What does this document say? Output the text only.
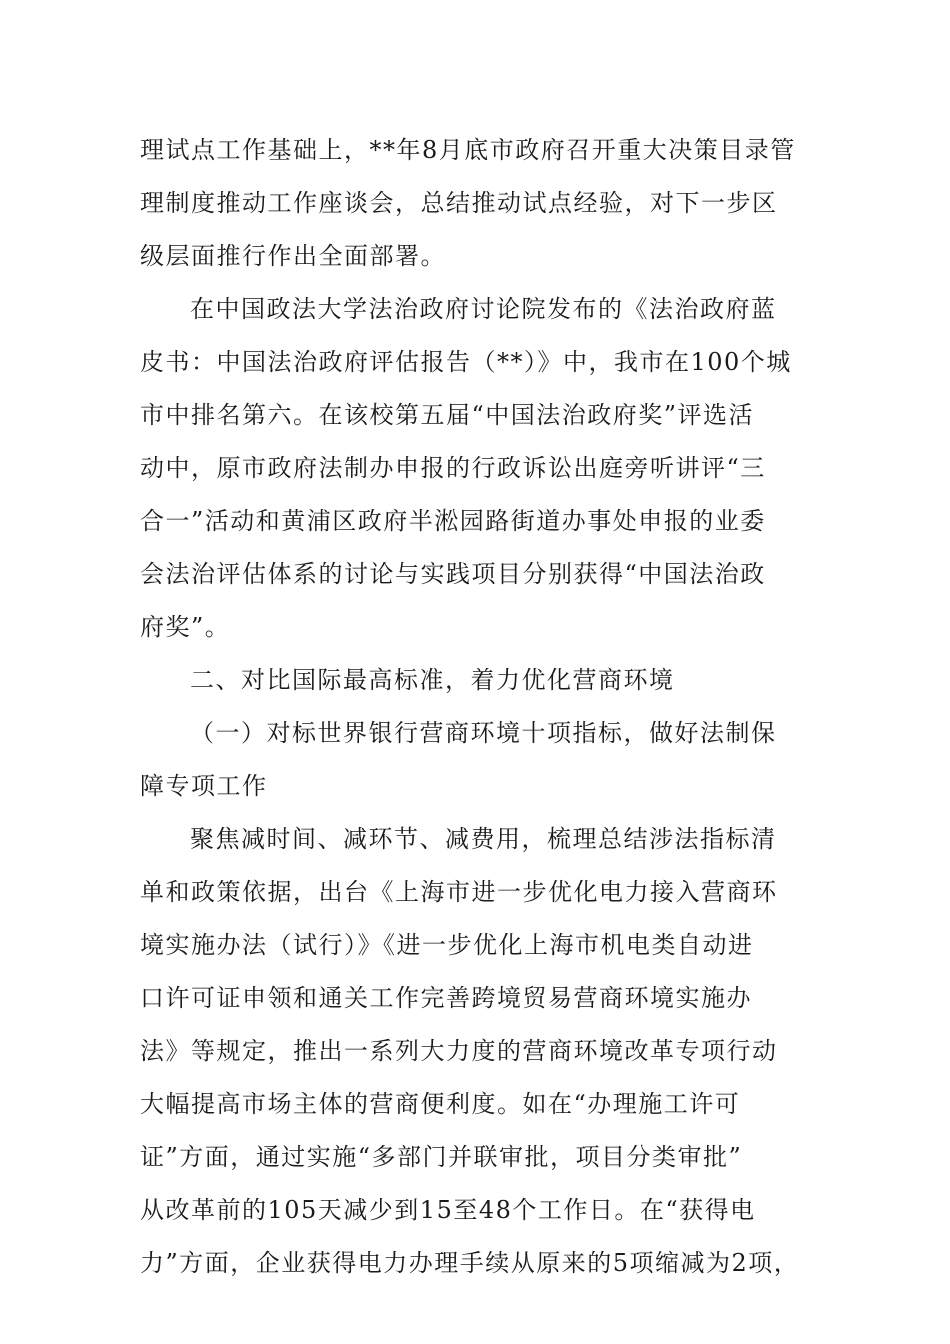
理试点工作基础上，**年8月底市政府召开重大决策目录管
理制度推动工作座谈会，总结推动试点经验，对下一步区
级层面推行作出全面部署。
在中国政法大学法治政府讨论院发布的《法治政府蓝
皮书：中国法治政府评估报告（**）》中，我市在100个城
市中排名第六。在该校第五届“中国法治政府奖”评选活
动中，原市政府法制办申报的行政诉讼出庭旁听讲评“三
合一”活动和黄浦区政府半淞园路街道办事处申报的业委
会法治评估体系的讨论与实践项目分别获得“中国法治政
府奖”。
二、对比国际最高标准，着力优化营商环境
（一）对标世界银行营商环境十项指标，做好法制保
障专项工作
聚焦减时间、减环节、减费用，梳理总结涉法指标清
单和政策依据，出台《上海市进一步优化电力接入营商环
境实施办法（试行）》《进一步优化上海市机电类自动进
口许可证申领和通关工作完善跨境贸易营商环境实施办
法》等规定，推出一系列大力度的营商环境改革专项行动
大幅提高市场主体的营商便利度。如在“办理施工许可
证”方面，通过实施“多部门并联审批，项目分类审批”
从改革前的105天减少到15至48个工作日。在“获得电
力”方面，企业获得电力办理手续从原来的5项缩减为2项，
